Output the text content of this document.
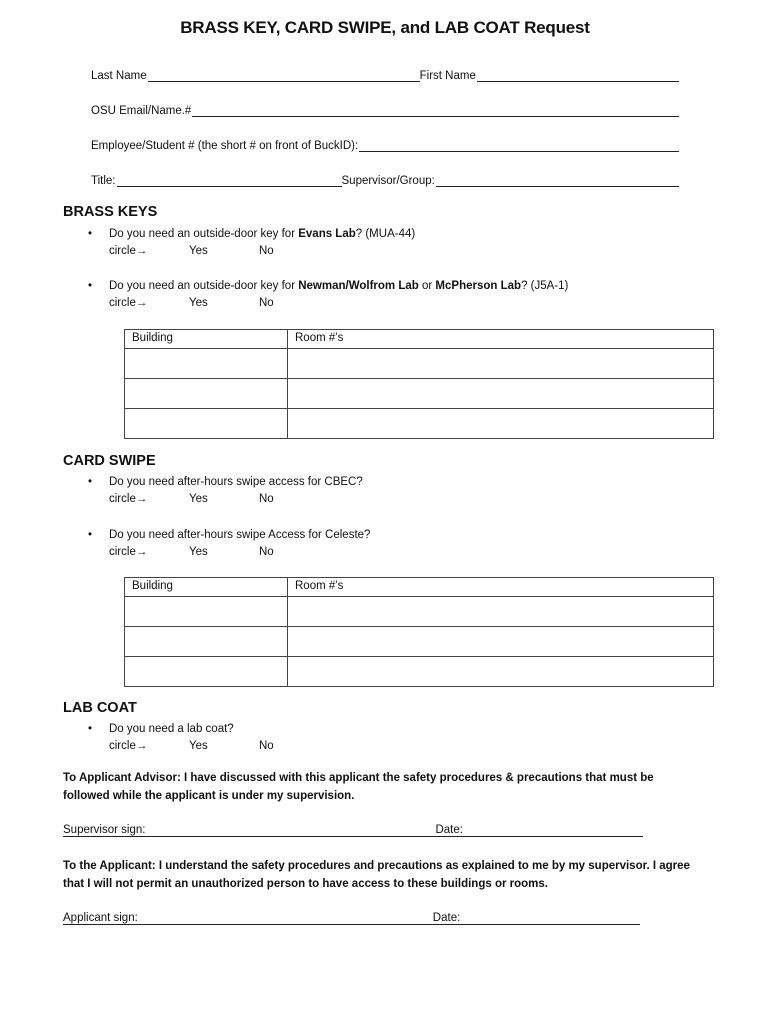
BRASS KEY, CARD SWIPE, and LAB COAT Request
Last Name	First Name
OSU Email/Name.#
Employee/Student # (the short # on front of BuckID):
Title:	Supervisor/Group:
BRASS KEYS
•	Do you need an outside-door key for Evans Lab? (MUA-44)
circle→	Yes	No
•	Do you need an outside-door key for Newman/Wolfrom Lab or McPherson Lab? (J5A-1)
circle→	Yes	No
Building	Room #’s

CARD SWIPE
•	Do you need after-hours swipe access for CBEC?
circle→	Yes	No
•	Do you need after-hours swipe Access for Celeste?
circle→	Yes	No
Building	Room #’s

LAB COAT
•	Do you need a lab coat?
circle→	Yes	No
To Applicant Advisor: I have discussed with this applicant the safety procedures & precautions that must be followed while the applicant is under my supervision.
Supervisor sign:	Date:
To the Applicant: I understand the safety procedures and precautions as explained to me by my supervisor. I agree that I will not permit an unauthorized person to have access to these buildings or rooms.
Applicant sign:	Date:
